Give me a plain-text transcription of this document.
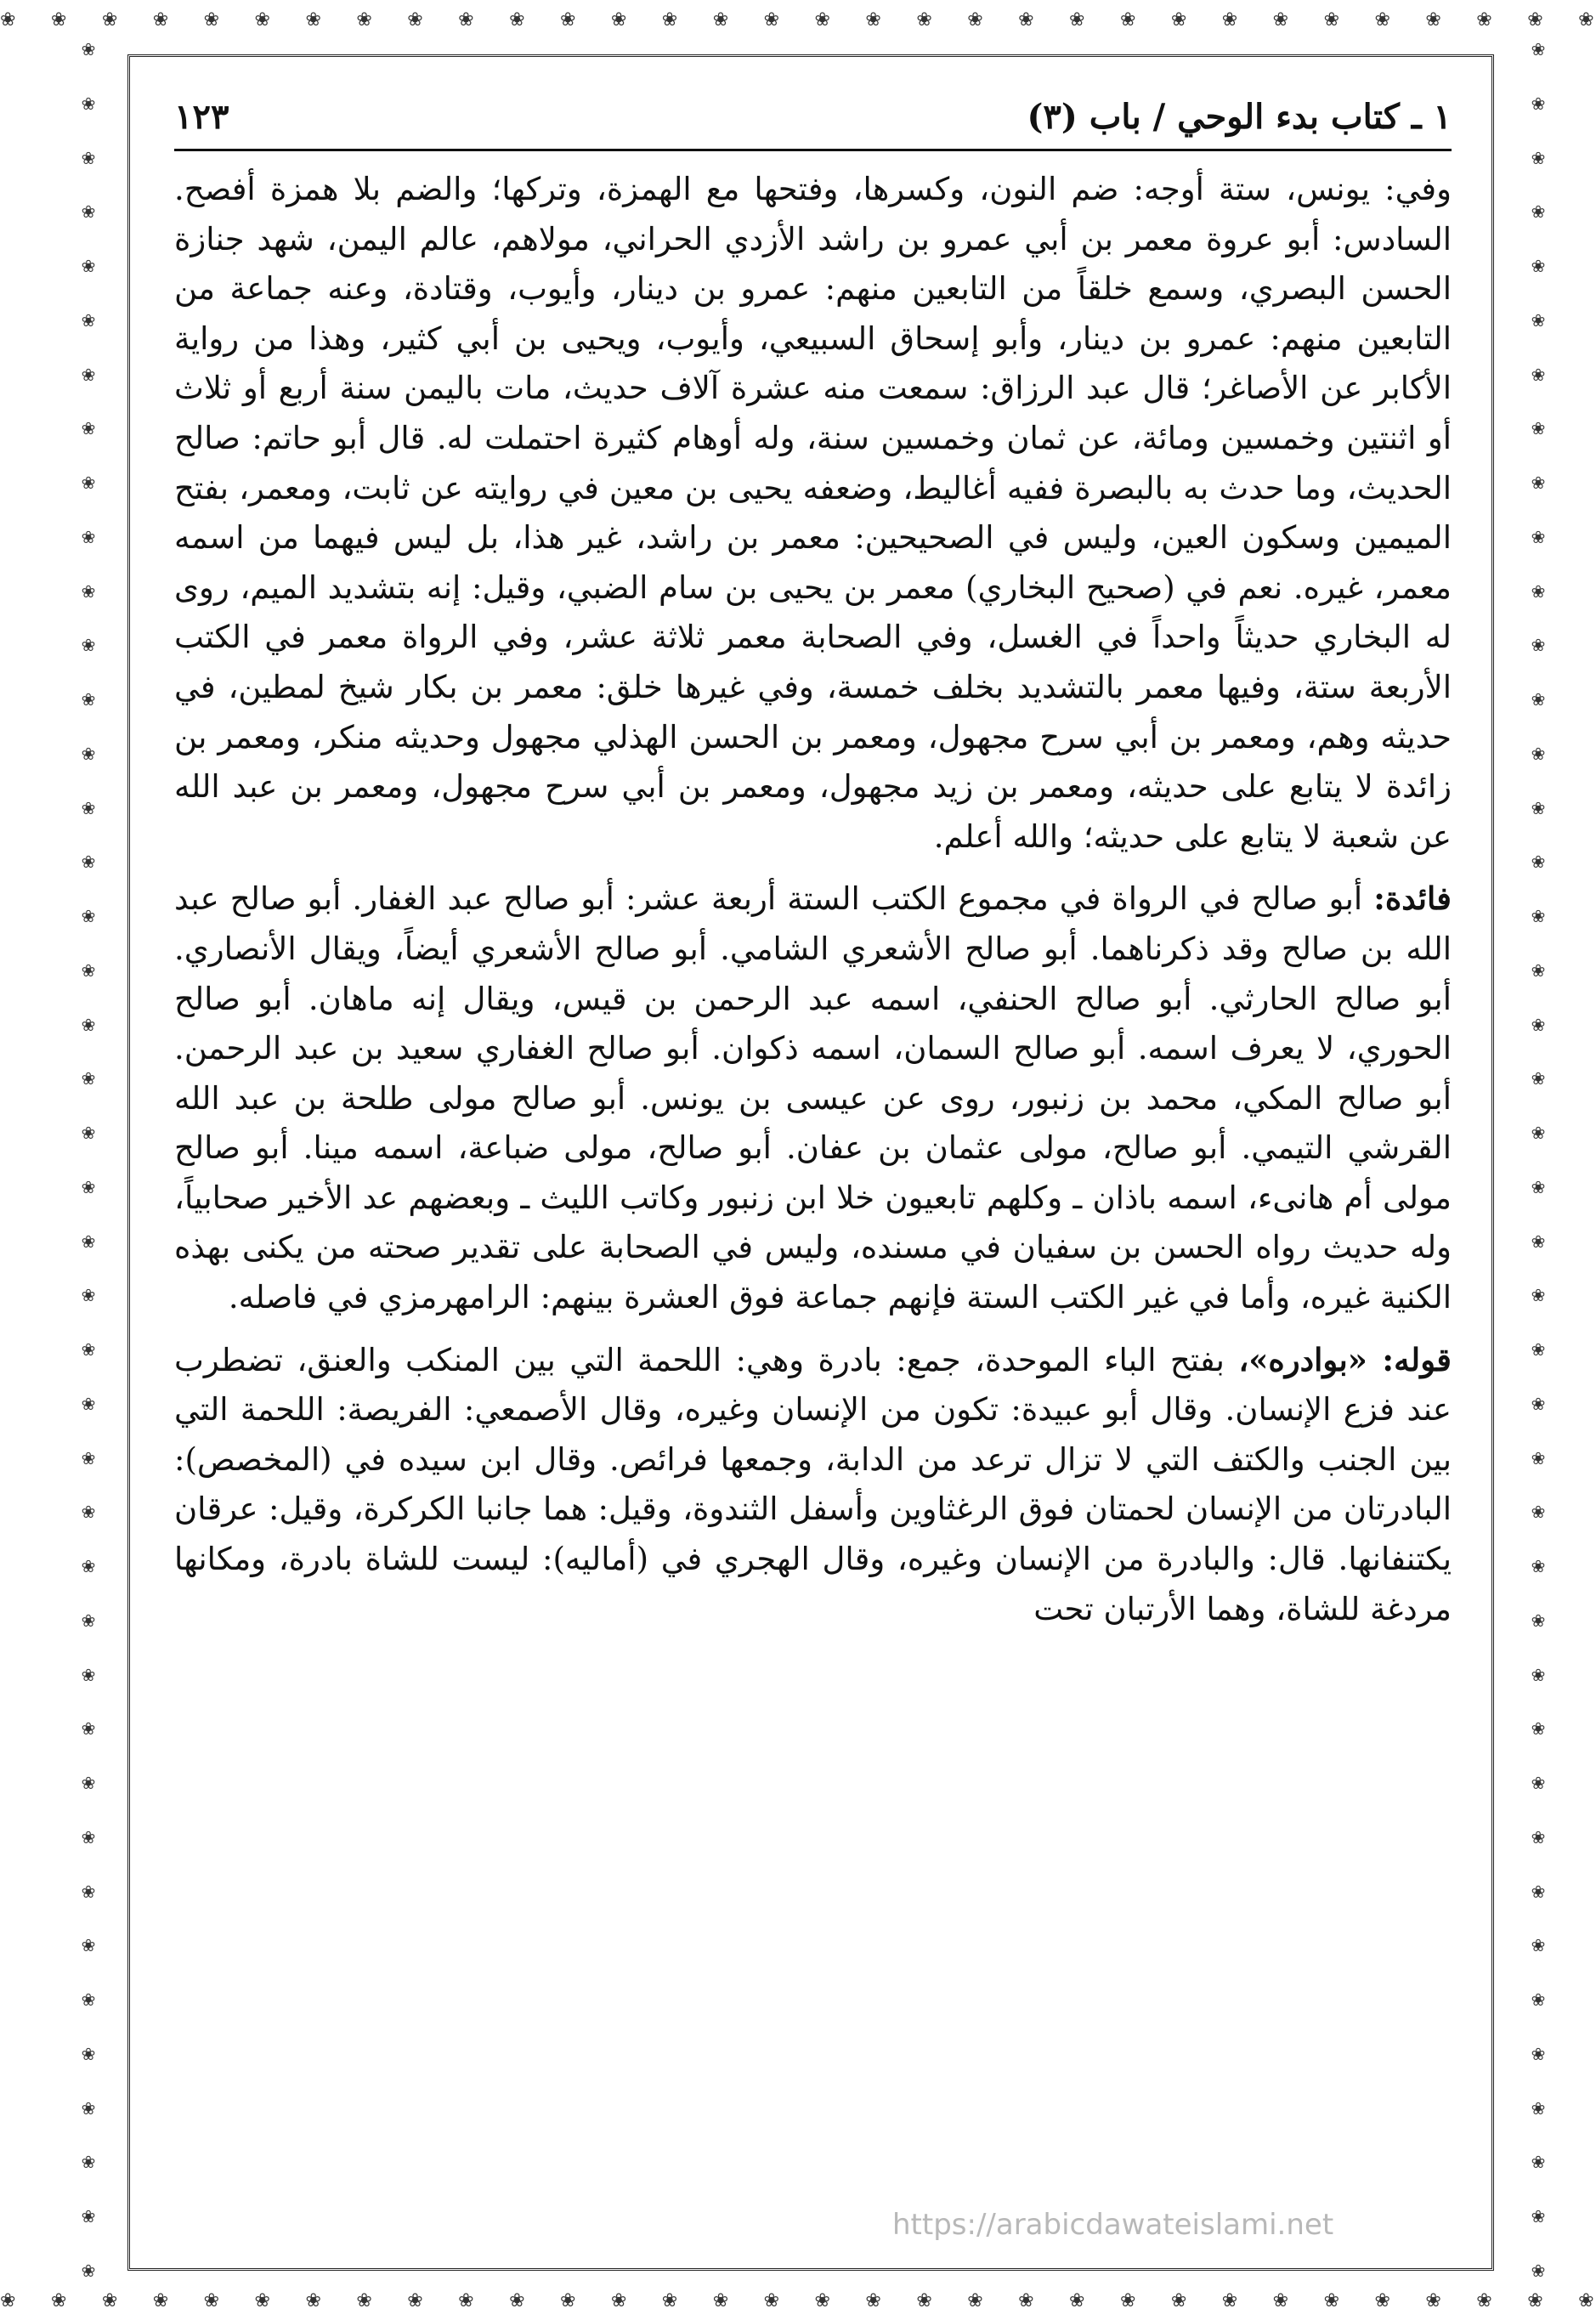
❀ ❀ ❀ ❀ ❀ ❀ ❀ ❀ ❀ ❀ ❀ ❀ ❀ ❀ ❀ ❀ ❀ ❀ ❀ ❀ ❀ ❀ ❀ ❀ ❀ ❀ ❀ ❀ ❀ ❀ ❀ ❀
❀
❀
❀
❀
❀
❀
❀
❀
❀
❀
❀
❀
❀
❀
❀
❀
❀
❀
❀
❀
❀
❀
❀
❀
❀
❀
❀
❀
❀
❀
❀
❀
❀
❀
❀
❀
❀
❀
❀
❀
❀
❀
❀
❀
❀
❀
❀
❀
❀
❀
❀
❀
❀
❀
❀
❀
❀
❀
❀
❀
❀
❀
❀
❀
❀
❀
❀
❀
❀
❀
❀
❀
❀
❀
❀
❀
❀
❀
❀
❀
❀
❀
❀
❀
❀ ❀ ❀ ❀ ❀ ❀ ❀ ❀ ❀ ❀ ❀ ❀ ❀ ❀ ❀ ❀ ❀ ❀ ❀ ❀ ❀ ❀ ❀ ❀ ❀ ❀ ❀ ❀ ❀ ❀ ❀ ❀
١ ـ كتاب بدء الوحي / باب (٣)
١٢٣

وفي: يونس، ستة أوجه: ضم النون، وكسرها، وفتحها مع الهمزة، وتركها؛ والضم بلا همزة أفصح. السادس: أبو عروة معمر بن أبي عمرو بن راشد الأزدي الحراني، مولاهم، عالم اليمن، شهد جنازة الحسن البصري، وسمع خلقاً من التابعين منهم: عمرو بن دينار، وأيوب، وقتادة، وعنه جماعة من التابعين منهم: عمرو بن دينار، وأبو إسحاق السبيعي، وأيوب، ويحيى بن أبي كثير، وهذا من رواية الأكابر عن الأصاغر؛ قال عبد الرزاق: سمعت منه عشرة آلاف حديث، مات باليمن سنة أربع أو ثلاث أو اثنتين وخمسين ومائة، عن ثمان وخمسين سنة، وله أوهام كثيرة احتملت له. قال أبو حاتم: صالح الحديث، وما حدث به بالبصرة ففيه أغاليط، وضعفه يحيى بن معين في روايته عن ثابت، ومعمر، بفتح الميمين وسكون العين، وليس في الصحيحين: معمر بن راشد، غير هذا، بل ليس فيهما من اسمه معمر، غيره. نعم في (صحيح البخاري) معمر بن يحيى بن سام الضبي، وقيل: إنه بتشديد الميم، روى له البخاري حديثاً واحداً في الغسل، وفي الصحابة معمر ثلاثة عشر، وفي الرواة معمر في الكتب الأربعة ستة، وفيها معمر بالتشديد بخلف خمسة، وفي غيرها خلق: معمر بن بكار شيخ لمطين، في حديثه وهم، ومعمر بن أبي سرح مجهول، ومعمر بن الحسن الهذلي مجهول وحديثه منكر، ومعمر بن زائدة لا يتابع على حديثه، ومعمر بن زيد مجهول، ومعمر بن أبي سرح مجهول، ومعمر بن عبد الله عن شعبة لا يتابع على حديثه؛ والله أعلم.

فائدة: أبو صالح في الرواة في مجموع الكتب الستة أربعة عشر: أبو صالح عبد الغفار. أبو صالح عبد الله بن صالح وقد ذكرناهما. أبو صالح الأشعري الشامي. أبو صالح الأشعري أيضاً، ويقال الأنصاري. أبو صالح الحارثي. أبو صالح الحنفي، اسمه عبد الرحمن بن قيس، ويقال إنه ماهان. أبو صالح الحوري، لا يعرف اسمه. أبو صالح السمان، اسمه ذكوان. أبو صالح الغفاري سعيد بن عبد الرحمن. أبو صالح المكي، محمد بن زنبور، روى عن عيسى بن يونس. أبو صالح مولى طلحة بن عبد الله القرشي التيمي. أبو صالح، مولى عثمان بن عفان. أبو صالح، مولى ضباعة، اسمه مينا. أبو صالح مولى أم هانىء، اسمه باذان ـ وكلهم تابعيون خلا ابن زنبور وكاتب الليث ـ وبعضهم عد الأخير صحابياً، وله حديث رواه الحسن بن سفيان في مسنده، وليس في الصحابة على تقدير صحته من يكنى بهذه الكنية غيره، وأما في غير الكتب الستة فإنهم جماعة فوق العشرة بينهم: الرامهرمزي في فاصله.

قوله: «بوادره»، بفتح الباء الموحدة، جمع: بادرة وهي: اللحمة التي بين المنكب والعنق، تضطرب عند فزع الإنسان. وقال أبو عبيدة: تكون من الإنسان وغيره، وقال الأصمعي: الفريصة: اللحمة التي بين الجنب والكتف التي لا تزال ترعد من الدابة، وجمعها فرائص. وقال ابن سيده في (المخصص): البادرتان من الإنسان لحمتان فوق الرغثاوين وأسفل الثندوة، وقيل: هما جانبا الكركرة، وقيل: عرقان يكتنفانها. قال: والبادرة من الإنسان وغيره، وقال الهجري في (أماليه): ليست للشاة بادرة، ومكانها مردغة للشاة، وهما الأرتبان تحت

https://arabicdawateislami.net
